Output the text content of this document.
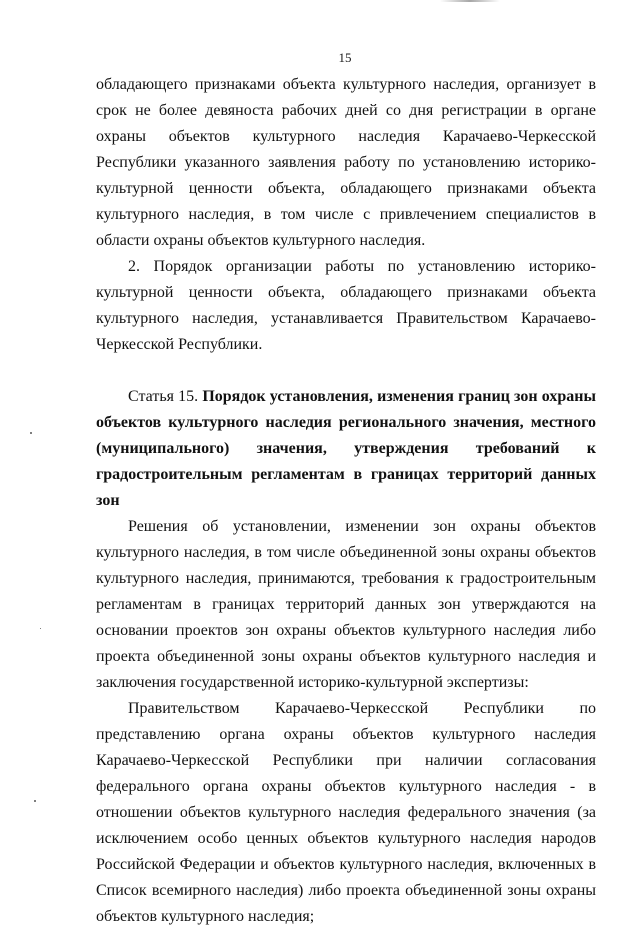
15

обладающего признаками объекта культурного наследия, организует в срок не более девяноста рабочих дней со дня регистрации в органе охраны объектов культурного наследия Карачаево-Черкесской Республики указанного заявления работу по установлению историко-культурной ценности объекта, обладающего признаками объекта культурного наследия, в том числе с привлечением специалистов в области охраны объектов культурного наследия.

2. Порядок организации работы по установлению историко-культурной ценности объекта, обладающего признаками объекта культурного наследия, устанавливается Правительством Карачаево-Черкесской Республики.

Статья 15. Порядок установления, изменения границ зон охраны объектов культурного наследия регионального значения, местного (муниципального) значения, утверждения требований к градостроительным регламентам в границах территорий данных зон

Решения об установлении, изменении зон охраны объектов культурного наследия, в том числе объединенной зоны охраны объектов культурного наследия, принимаются, требования к градостроительным регламентам в границах территорий данных зон утверждаются на основании проектов зон охраны объектов культурного наследия либо проекта объединенной зоны охраны объектов культурного наследия и заключения государственной историко-культурной экспертизы:

Правительством Карачаево-Черкесской Республики по представлению органа охраны объектов культурного наследия Карачаево-Черкесской Республики при наличии согласования федерального органа охраны объектов культурного наследия - в отношении объектов культурного наследия федерального значения (за исключением особо ценных объектов культурного наследия народов Российской Федерации и объектов культурного наследия, включенных в Список всемирного наследия) либо проекта объединенной зоны охраны объектов культурного наследия;
